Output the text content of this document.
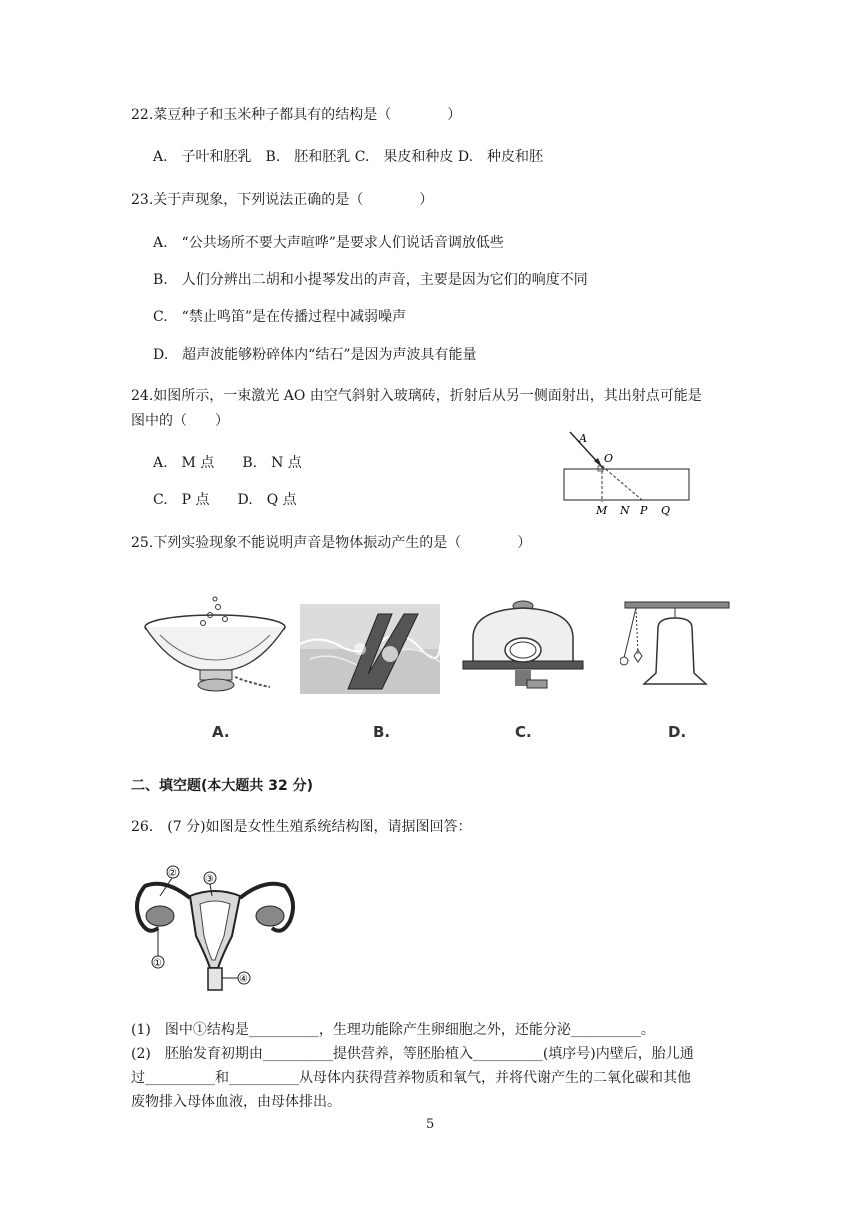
22.菜豆种子和玉米种子都具有的结构是（　　　　）
A.　子叶和胚乳　B.　胚和胚乳 C.　果皮和种皮 D.　种皮和胚
23.关于声现象，下列说法正确的是（　　　　）
A.　“公共场所不要大声喧哗”是要求人们说话音调放低些
B.　人们分辨出二胡和小提琴发出的声音，主要是因为它们的响度不同
C.　“禁止鸣笛”是在传播过程中减弱噪声
D.　超声波能够粉碎体内“结石”是因为声波具有能量
24.如图所示，一束激光 AO 由空气斜射入玻璃砖，折射后从另一侧面射出，其出射点可能是
图中的（　　）
A.　M 点　　B.　N 点
C.　P 点　　D.　Q 点
A
O
M N P Q
25.下列实验现象不能说明声音是物体振动产生的是（　　　　）
A.	B.	C.	D.
二、填空题(本大题共 32 分)
26.　(7 分)如图是女性生殖系统结构图，请据图回答：
②
③
①
④
(1)　图中①结构是__________，生理功能除产生卵细胞之外，还能分泌__________。
(2)　胚胎发育初期由__________提供营养，等胚胎植入__________(填序号)内壁后，胎儿通
过__________和__________从母体内获得营养物质和氧气，并将代谢产生的二氧化碳和其他
废物排入母体血液，由母体排出。
5
